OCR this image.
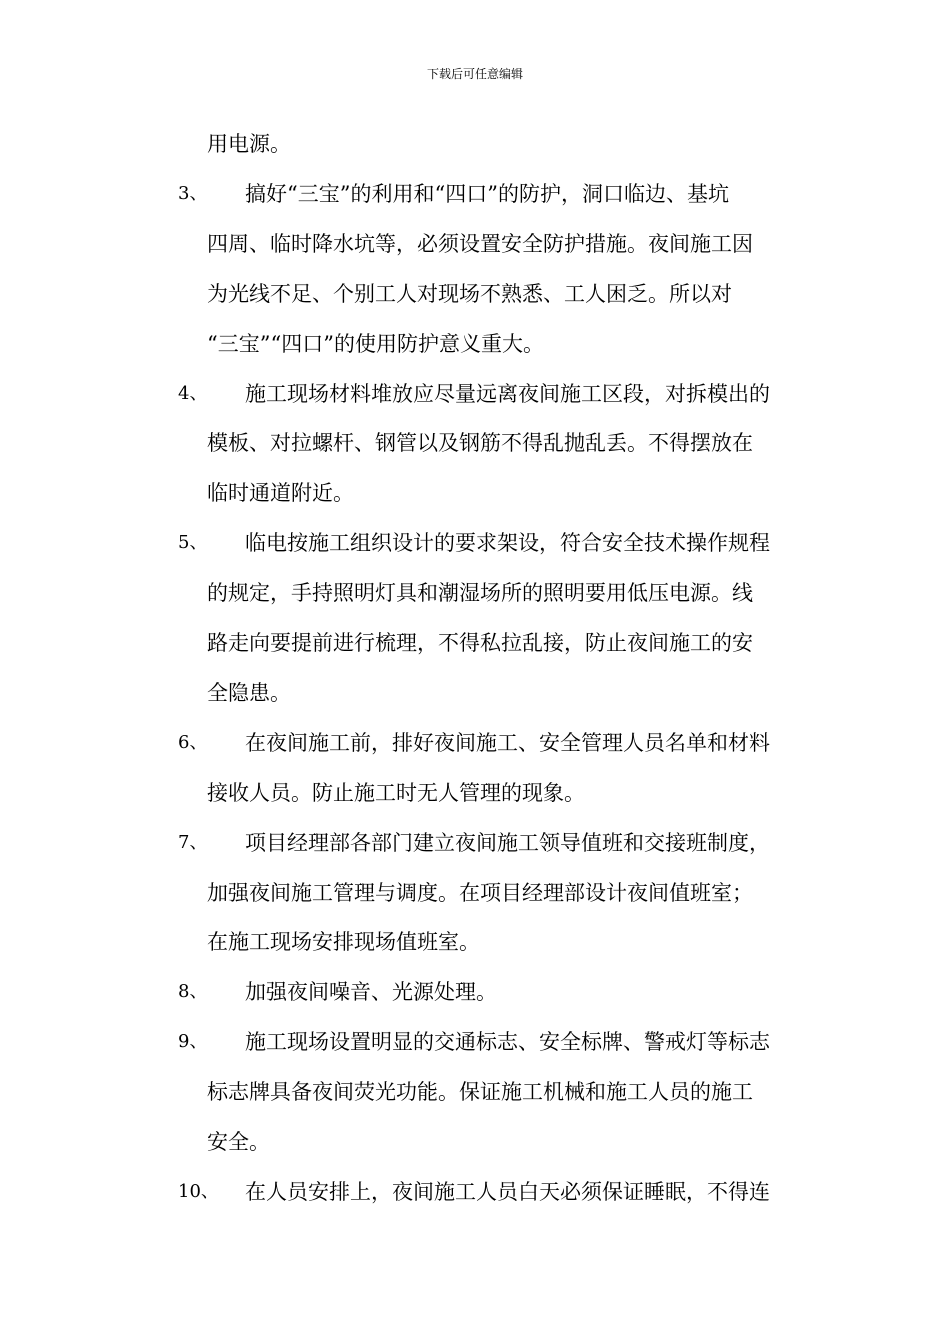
下载后可任意编辑
用电源。
3、 搞好“三宝”的利用和“四口”的防护，洞口临边、基坑
四周、临时降水坑等，必须设置安全防护措施。夜间施工因
为光线不足、个别工人对现场不熟悉、工人困乏。所以对
“三宝”“四口”的使用防护意义重大。
4、 施工现场材料堆放应尽量远离夜间施工区段，对拆模出的
模板、对拉螺杆、钢管以及钢筋不得乱抛乱丢。不得摆放在
临时通道附近。
5、 临电按施工组织设计的要求架设，符合安全技术操作规程
的规定，手持照明灯具和潮湿场所的照明要用低压电源。线
路走向要提前进行梳理，不得私拉乱接，防止夜间施工的安
全隐患。
6、 在夜间施工前，排好夜间施工、安全管理人员名单和材料
接收人员。防止施工时无人管理的现象。
7、 项目经理部各部门建立夜间施工领导值班和交接班制度，
加强夜间施工管理与调度。在项目经理部设计夜间值班室；
在施工现场安排现场值班室。
8、 加强夜间噪音、光源处理。
9、 施工现场设置明显的交通标志、安全标牌、警戒灯等标志
标志牌具备夜间荧光功能。保证施工机械和施工人员的施工
安全。
10、 在人员安排上，夜间施工人员白天必须保证睡眠，不得连
